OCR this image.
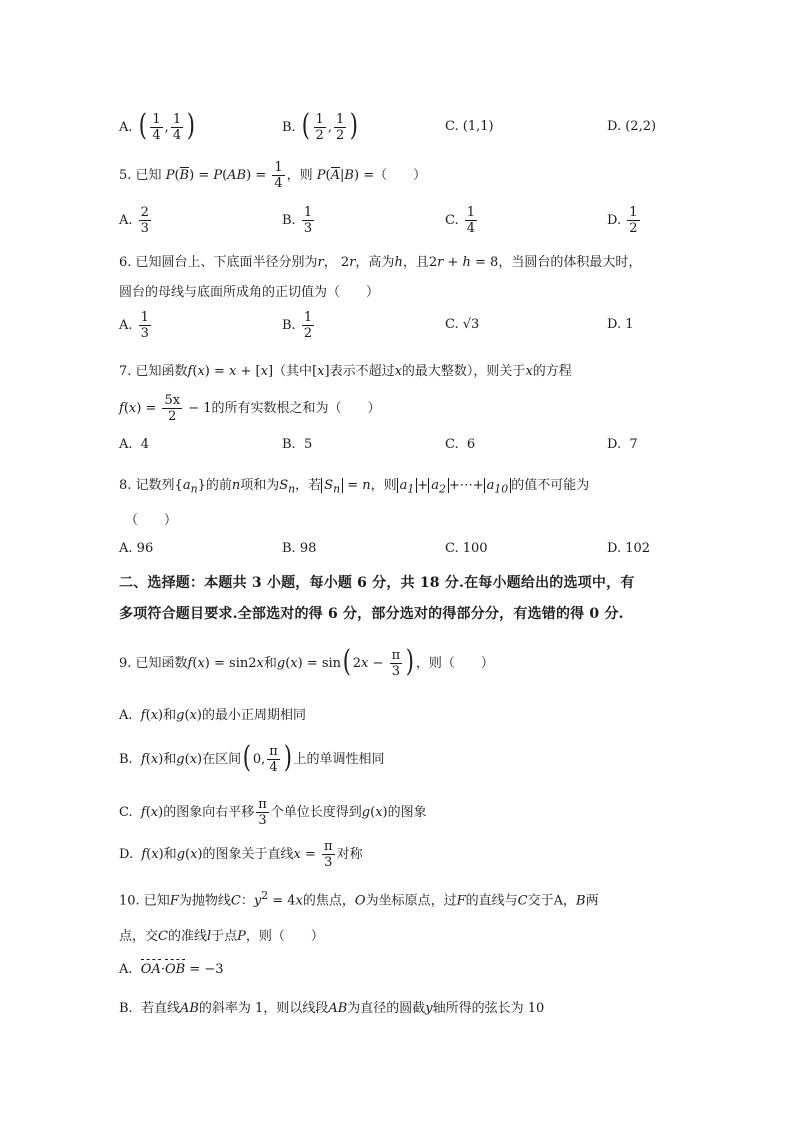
A. ( $\frac{1}{4}$ , $\frac{1}{4}$ )	B. ( $\frac{1}{2}$ , $\frac{1}{2}$ )	C. (1,1)	D. (2,2)
5. 已知 $P(B) = P(AB) = \frac{1}{4}$ ，则 P(A|B) =（　　）
A. $\frac{2}{3}$	B. $\frac{1}{3}$	C. $\frac{1}{4}$	D. $\frac{1}{2}$
6. 已知圆台上、下底面半径分别为r， 2r，高为h，且2r + h = 8，当圆台的体积最大时，
圆台的母线与底面所成角的正切值为（　　）
A. $\frac{1}{3}$	B. $\frac{1}{2}$	C. √3	D. 1
7. 已知函数f(x) = x + [x]（其中[x]表示不超过x的最大整数），则关于x的方程
$f(x) = \frac{5x}{2} - 1$的所有实数根之和为（　　）
A. 4	B. 5	C. 6	D. 7
8. 记数列$\{a_n\}$的前n项和为$S_n$，若 $S_n = n$，则 $a_1 + a_2$ +⋯+ $a_{10}$ 的值不可能为
（　　）
A. 96	B. 98	C. 100	D. 102
二、选择题：本题共 3 小题，每小题 6 分，共 18 分.在每小题给出的选项中，有
多项符合题目要求.全部选对的得 6 分，部分选对的得部分分，有选错的得 0 分.
9. 已知函数f(x) = sin2x和g(x) = sin( $2x - \frac{\pi}{3}$ ) ，则（　　）
A. f(x)和g(x)的最小正周期相同
B. f(x)和g(x)在区间( 0, $\frac{\pi}{4}$ ) 上的单调性相同
C. f(x)的图象向右平移 $\frac{\pi}{3}$ 个单位长度得到g(x)的图象
D. f(x)和g(x)的图象关于直线$x = \frac{\pi}{3}$ 对称
10. 已知F为抛物线C：$y^2 = 4x$的焦点，O为坐标原点，过F的直线与C交于A，B两
点，交C的准线l于点P，则（　　）
A. OA·OB = −3
B. 若直线AB的斜率为 1，则以线段AB为直径的圆截y轴所得的弦长为 10
